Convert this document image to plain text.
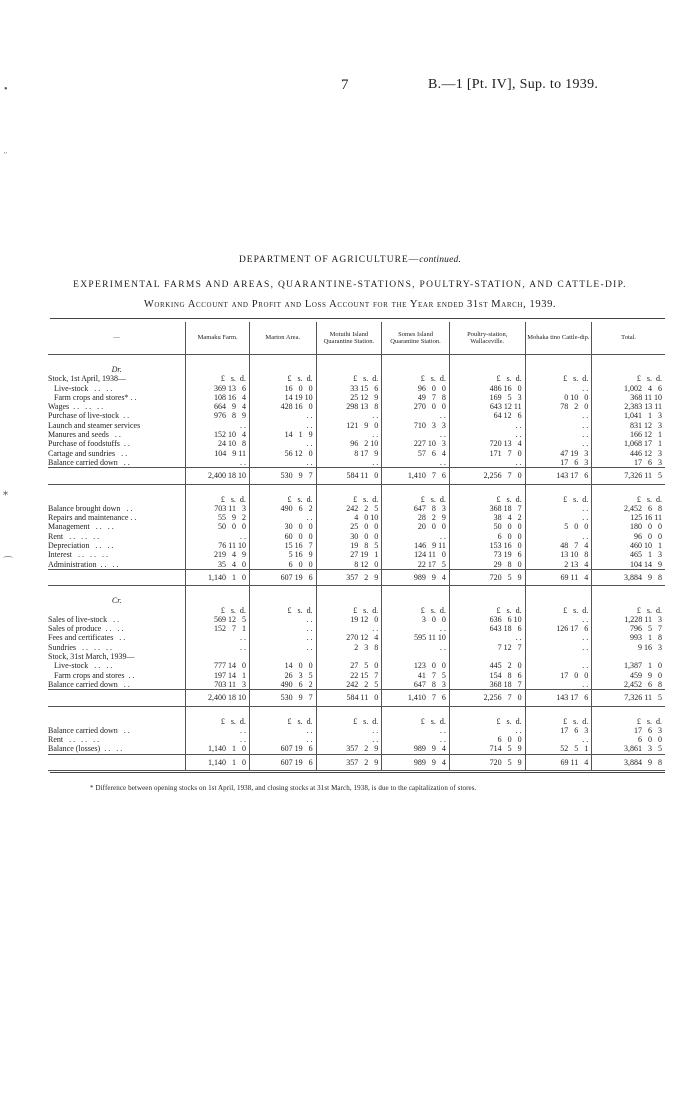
7	B.—1 [Pt. IV], Sup. to 1939.
•
ᵕ
⁎
⌒
DEPARTMENT OF AGRICULTURE—continued.
EXPERIMENTAL FARMS AND AREAS, QUARANTINE-STATIONS, POULTRY-STATION, AND CATTLE-DIP.
Working Account and Profit and Loss Account for the Year ended 31st March, 1939.
—	Mamaku Farm.	Marton Area.	Motuihi Island Quarantine Station.	Somes Island Quarantine Station.	Poultry-station, Wallaceville.	Mohaka tino Cattle-dip.	Total.

Dr.							
Stock, 1st April, 1938—	£   s.  d.	£   s.  d.	£   s.  d.	£   s.  d.	£   s.  d.	£   s.  d.	£   s.  d.
Live-stock   . .   . .	369 13   6	16   0   0	33 15   6	96   0   0	486 16   0	. .	1,002   4   6
Farm crops and stores* . .	108 16   4	14 19 10	25 12   9	49   7   8	169   5   3	0 10   0	368 11 10
Wages  . .   . .   . .	664   9   4	428 16   0	298 13   8	270   0   0	643 12 11	78   2   0	2,383 13 11
Purchase of live-stock  . .	976   8   9	. .	. .	. .	64 12   6	. .	1,041   1   3
Launch and steamer services	. .	. .	121   9   0	710   3   3	. .	. .	831 12   3
Manures and seeds   . .	152 10   4	14   1   9	. .	. .	. .	. .	166 12   1
Purchase of foodstuffs  . .	24 10   8	. .	96   2 10	227 10   3	720 13   4	. .	1,068 17   1
Cartage and sundries   . .	104   9 11	56 12   0	8 17   9	57   6   4	171   7   0	47 19   3	446 12   3
Balance carried down   . .	. .	. .	. .	. .	. .	17   6   3	17   6   3
	2,400 18 10	530   9   7	584 11   0	1,410   7   6	2,256   7   0	143 17   6	7,326 11   5

	£   s.  d.	£   s.  d.	£   s.  d.	£   s.  d.	£   s.  d.	£   s.  d.	£   s.  d.
Balance brought down   . .	703 11   3	490   6   2	242   2   5	647   8   3	368 18   7	. .	2,452   6   8
Repairs and maintenance . .	55   9   2	. .	4   0 10	28   2   9	38   4   2	. .	125 16 11
Management   . .   . .	50   0   0	30   0   0	25   0   0	20   0   0	50   0   0	5   0   0	180   0   0
Rent   . .   . .   . .	. .	60   0   0	30   0   0	. .	6   0   0	. .	96   0   0
Depreciation   . .   . .	76 11 10	15 16   7	19   8   5	146   9 11	153 16   0	48   7   4	460 10   1
Interest   . .   . .   . .	219   4   9	5 16   9	27 19   1	124 11   0	73 19   6	13 10   8	465   1   3
Administration  . .   . .	35   4   0	6   0   0	8 12   0	22 17   5	29   8   0	2 13   4	104 14   9
	1,140   1   0	607 19   6	357   2   9	989   9   4	720   5   9	69 11   4	3,884   9   8

Cr.							
	£   s.  d.	£   s.  d.	£   s.  d.	£   s.  d.	£   s.  d.	£   s.  d.	£   s.  d.
Sales of live-stock   . .	569 12   5	. .	19 12   0	3   0   0	636   6 10	. .	1,228 11   3
Sales of produce  . .   . .	152   7   1	. .	. .	. .	643 18   6	126 17   6	796   5   7
Fees and certificates   . .	. .	. .	270 12   4	595 11 10	. .	. .	993   1   8
Sundries   . .   . .   . .	. .	. .	2   3   8	. .	7 12   7	. .	9 16   3
Stock, 31st March, 1939—							
Live-stock   . .   . .	777 14   0	14   0   0	27   5   0	123   0   0	445   2   0	. .	1,387   1   0
Farm crops and stores  . .	197 14   1	26   3   5	22 15   7	41   7   5	154   8   6	17   0   0	459   9   0
Balance carried down   . .	703 11   3	490   6   2	242   2   5	647   8   3	368 18   7	. .	2,452   6   8
	2,400 18 10	530   9   7	584 11   0	1,410   7   6	2,256   7   0	143 17   6	7,326 11   5

	£   s.  d.	£   s.  d.	£   s.  d.	£   s.  d.	£   s.  d.	£   s.  d.	£   s.  d.
Balance carried down   . .	. .	. .	. .	. .	. .	17   6   3	17   6   3
Rent   . .   . .   . .	. .	. .	. .	. .	6   0   0	. .	6   0   0
Balance (losses)  . .   . .	1,140   1   0	607 19   6	357   2   9	989   9   4	714   5   9	52   5   1	3,861   3   5
	1,140   1   0	607 19   6	357   2   9	989   9   4	720   5   9	69 11   4	3,884   9   8
* Difference between opening stocks on 1st April, 1938, and closing stocks at 31st March, 1938, is due to the capitalization of stores.
